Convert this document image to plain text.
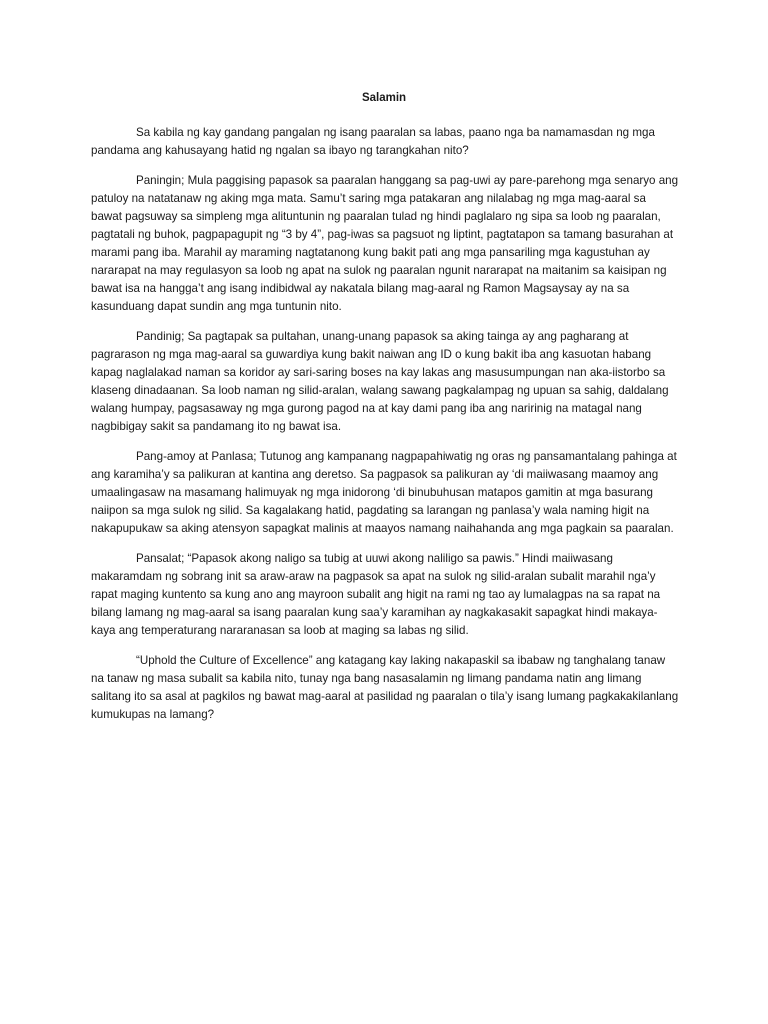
Salamin

Sa kabila ng kay gandang pangalan ng isang paaralan sa labas, paano nga ba namamasdan ng mga pandama ang kahusayang hatid ng ngalan sa ibayo ng tarangkahan nito?

Paningin; Mula paggising papasok sa paaralan hanggang sa pag-uwi ay pare-parehong mga senaryo ang patuloy na natatanaw ng aking mga mata. Samu’t saring mga patakaran ang nilalabag ng mga mag-aaral sa bawat pagsuway sa simpleng mga alituntunin ng paaralan tulad ng hindi paglalaro ng sipa sa loob ng paaralan, pagtatali ng buhok, pagpapagupit ng “3 by 4”, pag-iwas sa pagsuot ng liptint, pagtatapon sa tamang basurahan at marami pang iba. Marahil ay maraming nagtatanong kung bakit pati ang mga pansariling mga kagustuhan ay nararapat na may regulasyon sa loob ng apat na sulok ng paaralan ngunit nararapat na maitanim sa kaisipan ng bawat isa na hangga’t ang isang indibidwal ay nakatala bilang mag-aaral ng Ramon Magsaysay ay na sa kasunduang dapat sundin ang mga tuntunin nito.

Pandinig; Sa pagtapak sa pultahan, unang-unang papasok sa aking tainga ay ang pagharang at pagrarason ng mga mag-aaral sa guwardiya kung bakit naiwan ang ID o kung bakit iba ang kasuotan habang kapag naglalakad naman sa koridor ay sari-saring boses na kay lakas ang masusumpungan nan aka-iistorbo sa klaseng dinadaanan. Sa loob naman ng silid-aralan, walang sawang pagkalampag ng upuan sa sahig, daldalang walang humpay, pagsasaway ng mga gurong pagod na at kay dami pang iba ang naririnig na matagal nang nagbibigay sakit sa pandamang ito ng bawat isa.

Pang-amoy at Panlasa; Tutunog ang kampanang nagpapahiwatig ng oras ng pansamantalang pahinga at ang karamiha’y sa palikuran at kantina ang deretso. Sa pagpasok sa palikuran ay ‘di maiiwasang maamoy ang umaalingasaw na masamang halimuyak ng mga inidorong ‘di binubuhusan matapos gamitin at mga basurang naiipon sa mga sulok ng silid. Sa kagalakang hatid, pagdating sa larangan ng panlasa’y wala naming higit na nakapupukaw sa aking atensyon sapagkat malinis at maayos namang naihahanda ang mga pagkain sa paaralan.

Pansalat; “Papasok akong naligo sa tubig at uuwi akong naliligo sa pawis.” Hindi maiiwasang makaramdam ng sobrang init sa araw-araw na pagpasok sa apat na sulok ng silid-aralan subalit marahil nga’y rapat maging kuntento sa kung ano ang mayroon subalit ang higit na rami ng tao ay lumalagpas na sa rapat na bilang lamang ng mag-aaral sa isang paaralan kung saa’y karamihan ay nagkakasakit sapagkat hindi makaya-kaya ang temperaturang nararanasan sa loob at maging sa labas ng silid.

“Uphold the Culture of Excellence” ang katagang kay laking nakapaskil sa ibabaw ng tanghalang tanaw na tanaw ng masa subalit sa kabila nito, tunay nga bang nasasalamin ng limang pandama natin ang limang salitang ito sa asal at pagkilos ng bawat mag-aaral at pasilidad ng paaralan o tila’y isang lumang pagkakakilanlang kumukupas na lamang?
